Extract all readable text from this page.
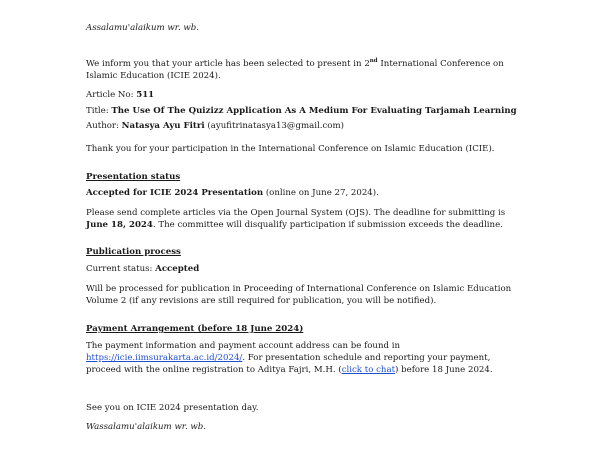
Assalamu'alaikum wr. wb.

We inform you that your article has been selected to present in 2nd International Conference on Islamic Education (ICIE 2024).

Article No: 511

Title: The Use Of The Quizizz Application As A Medium For Evaluating Tarjamah Learning

Author: Natasya Ayu Fitri (ayufitrinatasya13@gmail.com)

Thank you for your participation in the International Conference on Islamic Education (ICIE).

Presentation status

Accepted for ICIE 2024 Presentation (online on June 27, 2024).

Please send complete articles via the Open Journal System (OJS). The deadline for submitting is June 18, 2024. The committee will disqualify participation if submission exceeds the deadline.

Publication process

Current status: Accepted

Will be processed for publication in Proceeding of International Conference on Islamic Education Volume 2 (if any revisions are still required for publication, you will be notified).

Payment Arrangement (before 18 June 2024)

The payment information and payment account address can be found in https://icie.iimsurakarta.ac.id/2024/. For presentation schedule and reporting your payment, proceed with the online registration to Aditya Fajri, M.H. (click to chat) before 18 June 2024.

See you on ICIE 2024 presentation day.

Wassalamu'alaikum wr. wb.
